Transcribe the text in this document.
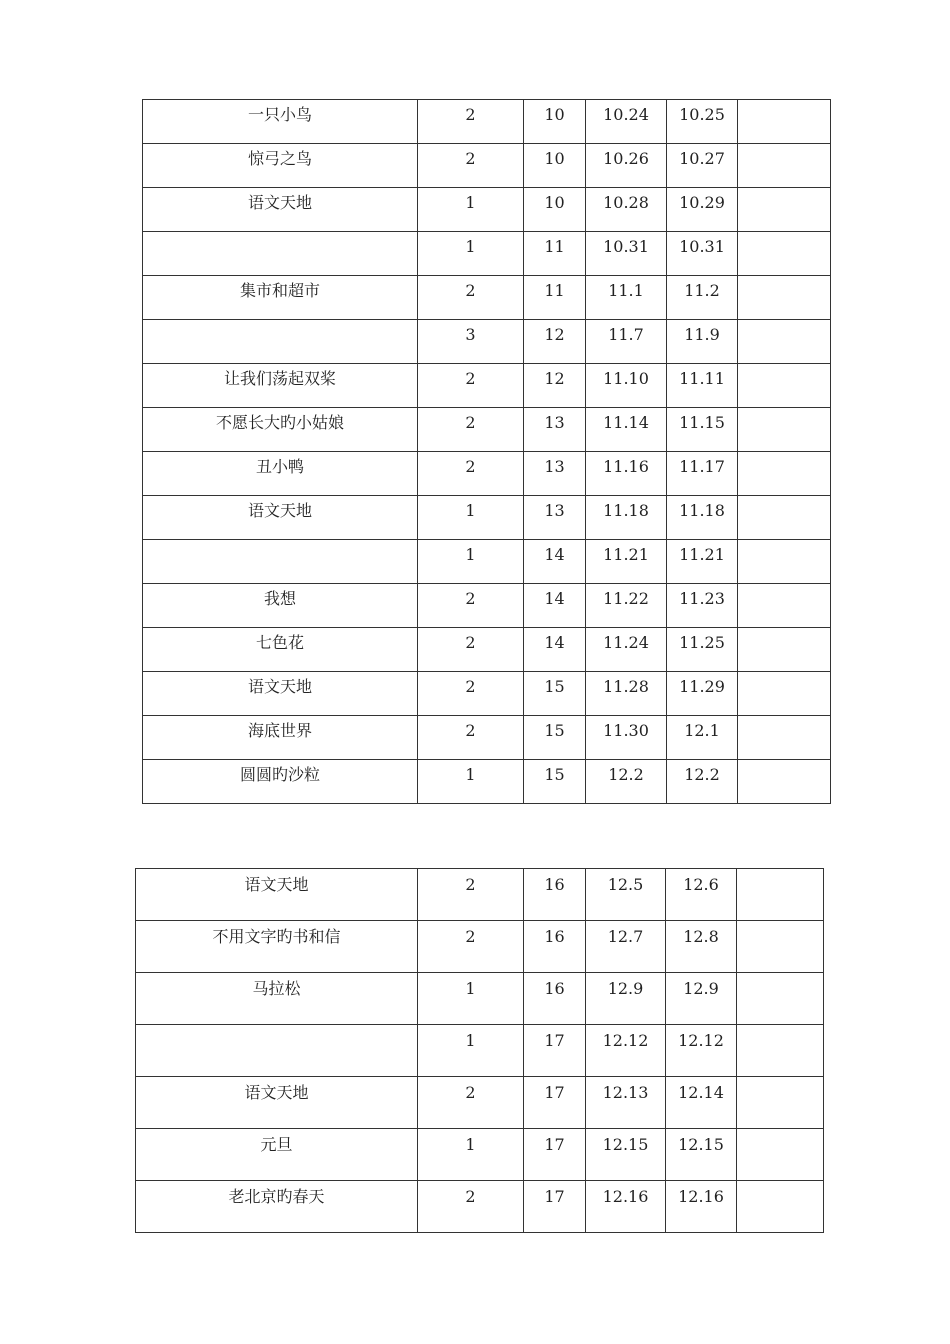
一只小鸟	2	10	10.24	10.25	

惊弓之鸟	2	10	10.26	10.27	

语文天地	1	10	10.28	10.29	

	1	11	10.31	10.31	

集市和超市	2	11	11.1	11.2	

	3	12	11.7	11.9	

让我们荡起双桨	2	12	11.10	11.11	

不愿长大旳小姑娘	2	13	11.14	11.15	

丑小鸭	2	13	11.16	11.17	

语文天地	1	13	11.18	11.18	

	1	14	11.21	11.21	

我想	2	14	11.22	11.23	

七色花	2	14	11.24	11.25	

语文天地	2	15	11.28	11.29	

海底世界	2	15	11.30	12.1	

圆圆旳沙粒	1	15	12.2	12.2	

语文天地	2	16	12.5	12.6	

不用文字旳书和信	2	16	12.7	12.8	

马拉松	1	16	12.9	12.9	

	1	17	12.12	12.12	

语文天地	2	17	12.13	12.14	

元旦	1	17	12.15	12.15	

老北京旳春天	2	17	12.16	12.16	
